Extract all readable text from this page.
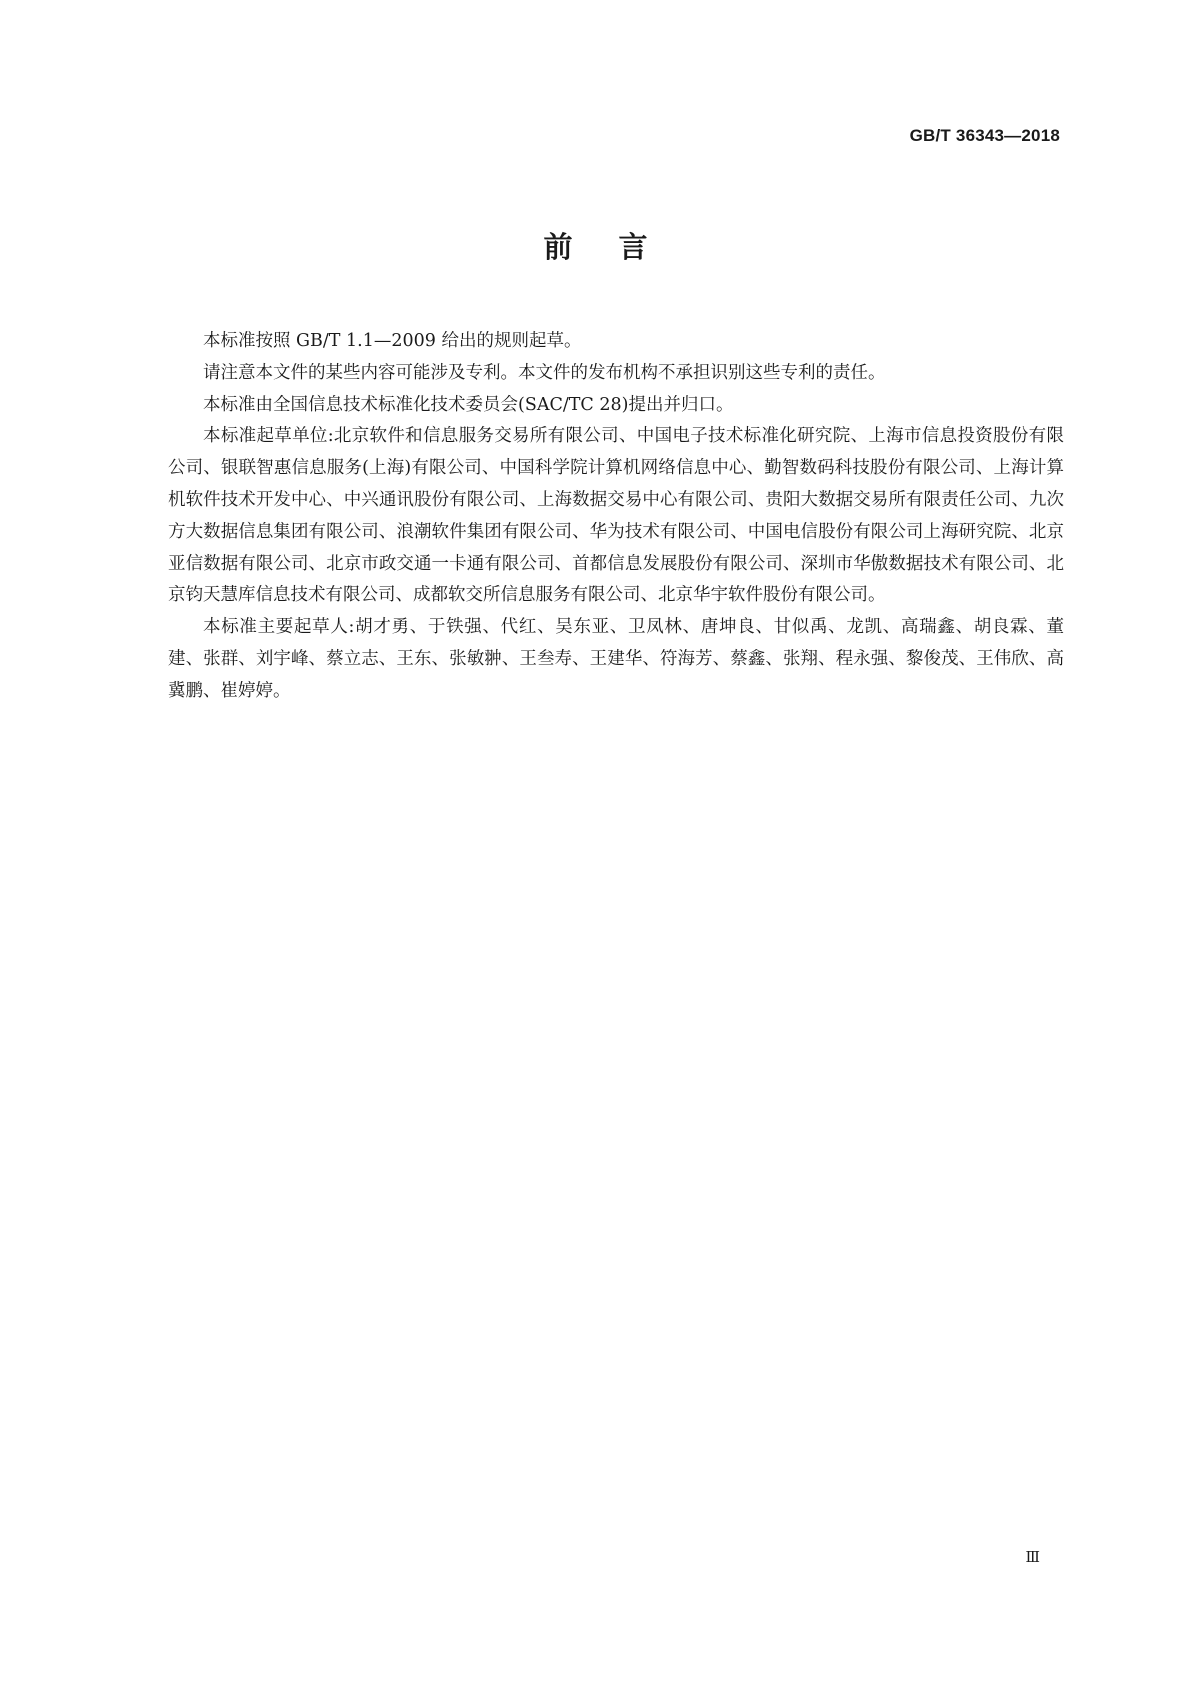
GB/T 36343—2018
前言

本标准按照 GB/T 1.1—2009 给出的规则起草。

请注意本文件的某些内容可能涉及专利。本文件的发布机构不承担识别这些专利的责任。

本标准由全国信息技术标准化技术委员会(SAC/TC 28)提出并归口。

本标准起草单位:北京软件和信息服务交易所有限公司、中国电子技术标准化研究院、上海市信息投资股份有限公司、银联智惠信息服务(上海)有限公司、中国科学院计算机网络信息中心、勤智数码科技股份有限公司、上海计算机软件技术开发中心、中兴通讯股份有限公司、上海数据交易中心有限公司、贵阳大数据交易所有限责任公司、九次方大数据信息集团有限公司、浪潮软件集团有限公司、华为技术有限公司、中国电信股份有限公司上海研究院、北京亚信数据有限公司、北京市政交通一卡通有限公司、首都信息发展股份有限公司、深圳市华傲数据技术有限公司、北京钧天慧库信息技术有限公司、成都软交所信息服务有限公司、北京华宇软件股份有限公司。

本标准主要起草人:胡才勇、于铁强、代红、吴东亚、卫凤林、唐坤良、甘似禹、龙凯、高瑞鑫、胡良霖、董建、张群、刘宇峰、蔡立志、王东、张敏翀、王叁寿、王建华、符海芳、蔡鑫、张翔、程永强、黎俊茂、王伟欣、高冀鹏、崔婷婷。

Ⅲ
